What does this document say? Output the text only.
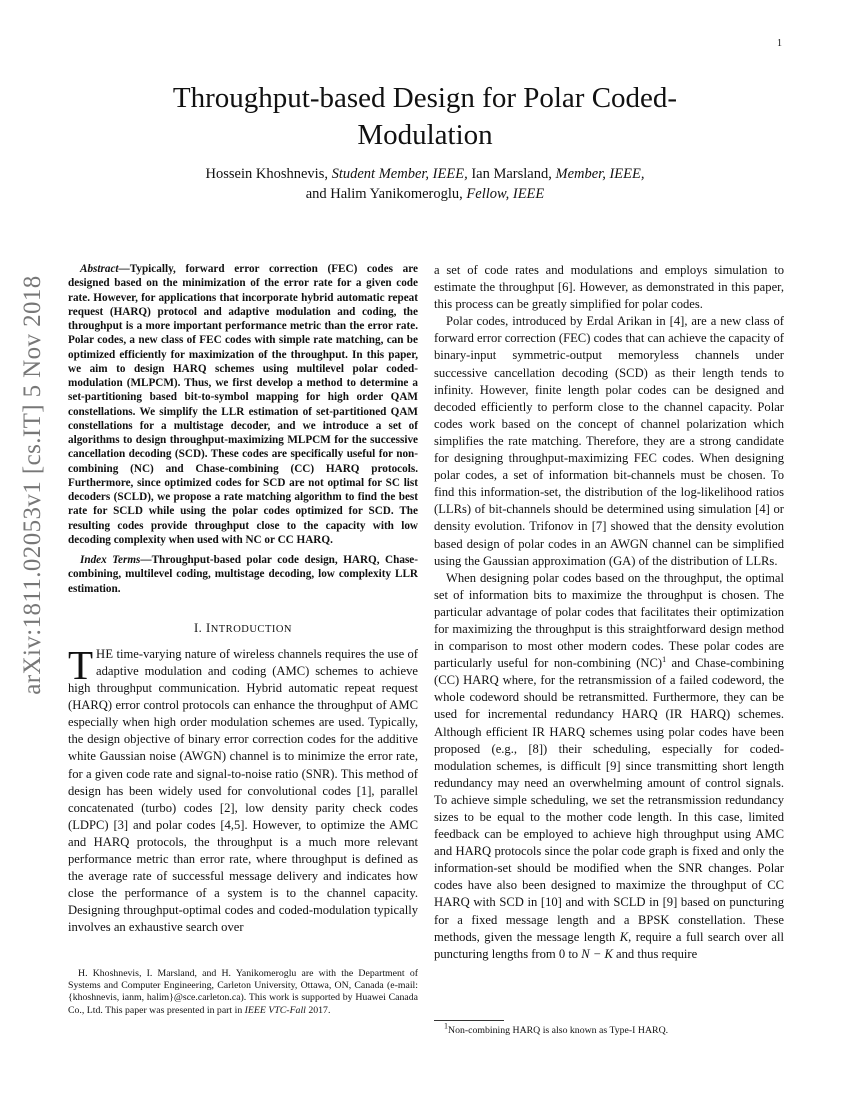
1
arXiv:1811.02053v1 [cs.IT] 5 Nov 2018
Throughput-based Design for Polar Coded-Modulation
Hossein Khoshnevis, Student Member, IEEE, Ian Marsland, Member, IEEE,
and Halim Yanikomeroglu, Fellow, IEEE

Abstract—Typically, forward error correction (FEC) codes are designed based on the minimization of the error rate for a given code rate. However, for applications that incorporate hybrid automatic repeat request (HARQ) protocol and adaptive modulation and coding, the throughput is a more important performance metric than the error rate. Polar codes, a new class of FEC codes with simple rate matching, can be optimized efficiently for maximization of the throughput. In this paper, we aim to design HARQ schemes using multilevel polar coded-modulation (MLPCM). Thus, we first develop a method to determine a set-partitioning based bit-to-symbol mapping for high order QAM constellations. We simplify the LLR estimation of set-partitioned QAM constellations for a multistage decoder, and we introduce a set of algorithms to design throughput-maximizing MLPCM for the successive cancellation decoding (SCD). These codes are specifically useful for non-combining (NC) and Chase-combining (CC) HARQ protocols. Furthermore, since optimized codes for SCD are not optimal for SC list decoders (SCLD), we propose a rate matching algorithm to find the best rate for SCLD while using the polar codes optimized for SCD. The resulting codes provide throughput close to the capacity with low decoding complexity when used with NC or CC HARQ.

Index Terms—Throughput-based polar code design, HARQ, Chase-combining, multilevel coding, multistage decoding, low complexity LLR estimation.

I. INTRODUCTION

THE time-varying nature of wireless channels requires the use of adaptive modulation and coding (AMC) schemes to achieve high throughput communication. Hybrid automatic repeat request (HARQ) error control protocols can enhance the throughput of AMC especially when high order modulation schemes are used. Typically, the design objective of binary error correction codes for the additive white Gaussian noise (AWGN) channel is to minimize the error rate, for a given code rate and signal-to-noise ratio (SNR). This method of design has been widely used for convolutional codes [1], parallel concatenated (turbo) codes [2], low density parity check codes (LDPC) [3] and polar codes [4,5]. However, to optimize the AMC and HARQ protocols, the throughput is a much more relevant performance metric than error rate, where throughput is defined as the average rate of successful message delivery and indicates how close the performance of a system is to the channel capacity. Designing throughput-optimal codes and coded-modulation typically involves an exhaustive search over

H. Khoshnevis, I. Marsland, and H. Yanikomeroglu are with the Department of Systems and Computer Engineering, Carleton University, Ottawa, ON, Canada (e-mail: {khoshnevis, ianm, halim}@sce.carleton.ca). This work is supported by Huawei Canada Co., Ltd. This paper was presented in part in IEEE VTC-Fall 2017.

a set of code rates and modulations and employs simulation to estimate the throughput [6]. However, as demonstrated in this paper, this process can be greatly simplified for polar codes.

Polar codes, introduced by Erdal Arikan in [4], are a new class of forward error correction (FEC) codes that can achieve the capacity of binary-input symmetric-output memoryless channels under successive cancellation decoding (SCD) as their length tends to infinity. However, finite length polar codes can be designed and decoded efficiently to perform close to the channel capacity. Polar codes work based on the concept of channel polarization which simplifies the rate matching. Therefore, they are a strong candidate for designing throughput-maximizing FEC codes. When designing polar codes, a set of information bit-channels must be chosen. To find this information-set, the distribution of the log-likelihood ratios (LLRs) of bit-channels should be determined using simulation [4] or density evolution. Trifonov in [7] showed that the density evolution based design of polar codes in an AWGN channel can be simplified using the Gaussian approximation (GA) of the distribution of LLRs.

When designing polar codes based on the throughput, the optimal set of information bits to maximize the throughput is chosen. The particular advantage of polar codes that facilitates their optimization for maximizing the throughput is this straightforward design method in comparison to most other modern codes. These polar codes are particularly useful for non-combining (NC)$^1$ and Chase-combining (CC) HARQ where, for the retransmission of a failed codeword, the whole codeword should be retransmitted. Furthermore, they can be used for incremental redundancy HARQ (IR HARQ) schemes. Although efficient IR HARQ schemes using polar codes have been proposed (e.g., [8]) their scheduling, especially for coded-modulation schemes, is difficult [9] since transmitting short length redundancy may need an overwhelming amount of control signals. To achieve simple scheduling, we set the retransmission redundancy sizes to be equal to the mother code length. In this case, limited feedback can be employed to achieve high throughput using AMC and HARQ protocols since the polar code graph is fixed and only the information-set should be modified when the SNR changes. Polar codes have also been designed to maximize the throughput of CC HARQ with SCD in [10] and with SCLD in [9] based on puncturing for a fixed message length and a BPSK constellation. These methods, given the message length K, require a full search over all puncturing lengths from 0 to N − K and thus require

$^1$Non-combining HARQ is also known as Type-I HARQ.
